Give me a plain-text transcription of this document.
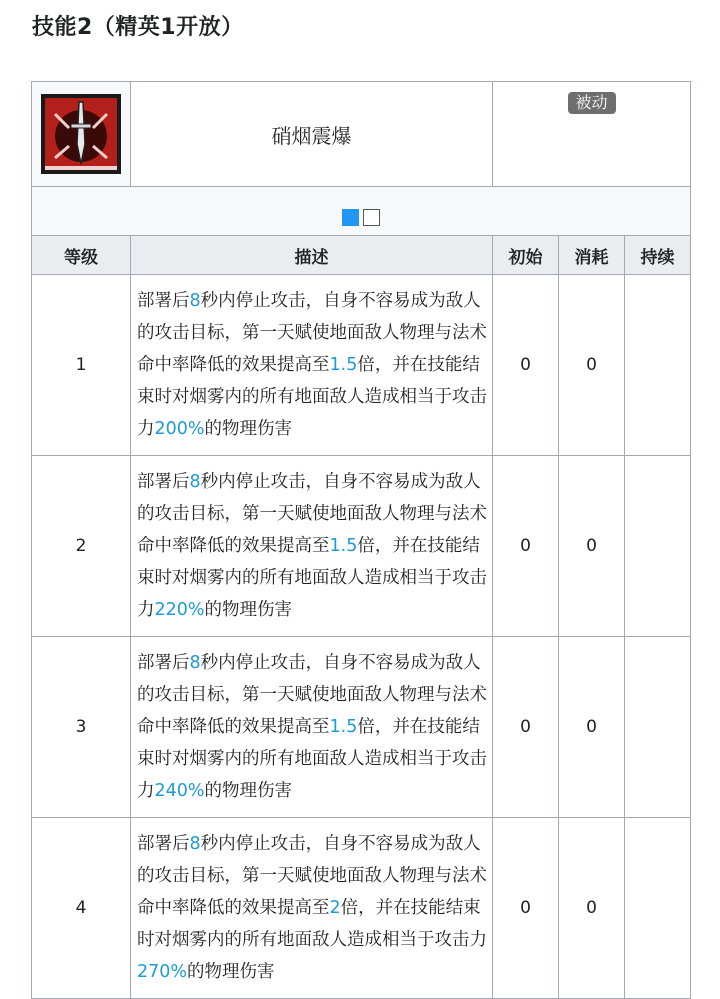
技能2（精英1开放）
	硝烟震爆	被动		

等级	描述	初始	消耗	持续
1	部署后8秒内停止攻击，自身不容易成为敌人的攻击目标，第一天赋使地面敌人物理与法术命中率降低的效果提高至1.5倍，并在技能结束时对烟雾内的所有地面敌人造成相当于攻击力200%的物理伤害	0	0	
2	部署后8秒内停止攻击，自身不容易成为敌人的攻击目标，第一天赋使地面敌人物理与法术命中率降低的效果提高至1.5倍，并在技能结束时对烟雾内的所有地面敌人造成相当于攻击力220%的物理伤害	0	0	
3	部署后8秒内停止攻击，自身不容易成为敌人的攻击目标，第一天赋使地面敌人物理与法术命中率降低的效果提高至1.5倍，并在技能结束时对烟雾内的所有地面敌人造成相当于攻击力240%的物理伤害	0	0	
4	部署后8秒内停止攻击，自身不容易成为敌人的攻击目标，第一天赋使地面敌人物理与法术命中率降低的效果提高至2倍，并在技能结束时对烟雾内的所有地面敌人造成相当于攻击力270%的物理伤害	0	0	
